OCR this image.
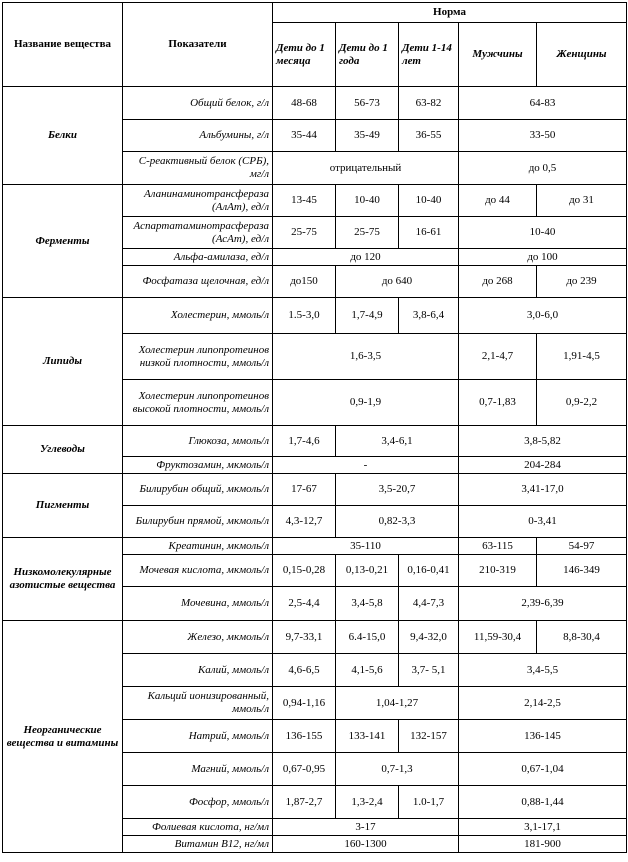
Название вещества	Показатели	Норма				
		Дети до 1 месяца	Дети до 1 года	Дети 1-14 лет	Мужчины	Женщины
Белки	Общий белок, г/л	48-68	56-73	63-82	64-83	
	Альбумины, г/л	35-44	35-49	36-55	33-50	
	С-реактивный белок (СРБ), мг/л	отрицательный			до 0,5	
Ферменты	Аланинаминотрансфераза (АлАт), ед/л	13-45	10-40	10-40	до 44	до 31
	Аспартатаминотрасфераза (АсАт), ед/л	25-75	25-75	16-61	10-40	
	Альфа-амилаза, ед/л	до 120			до 100	
	Фосфатаза щелочная, ед/л	до150	до 640		до 268	до 239
Липиды	Холестерин, ммоль/л	1.5-3,0	1,7-4,9	3,8-6,4	3,0-6,0	
	Холестерин липопротеинов низкой плотности, ммоль/л	1,6-3,5			2,1-4,7	1,91-4,5
	Холестерин липопротеинов высокой плотности, ммоль/л	0,9-1,9			0,7-1,83	0,9-2,2
Углеводы	Глюкоза, ммоль/л	1,7-4,6	3,4-6,1		3,8-5,82	
	Фруктозамин, мкмоль/л	-			204-284	
Пигменты	Билирубин общий, мкмоль/л	17-67	3,5-20,7		3,41-17,0	
	Билирубин прямой, мкмоль/л	4,3-12,7	0,82-3,3		0-3,41	
Низкомолекулярные азотистые вещества	Креатинин, мкмоль/л	35-110			63-115	54-97
	Мочевая кислота, мкмоль/л	0,15-0,28	0,13-0,21	0,16-0,41	210-319	146-349
	Мочевина, ммоль/л	2,5-4,4	3,4-5,8	4,4-7,3	2,39-6,39	
Неорганические вещества и витамины	Железо, мкмоль/л	9,7-33,1	6.4-15,0	9,4-32,0	11,59-30,4	8,8-30,4
	Калий, ммоль/л	4,6-6,5	4,1-5,6	3,7- 5,1	3,4-5,5	
	Кальций ионизированный, ммоль/л	0,94-1,16	1,04-1,27		2,14-2,5	
	Натрий, ммоль/л	136-155	133-141	132-157	136-145	
	Магний, ммоль/л	0,67-0,95	0,7-1,3		0,67-1,04	
	Фосфор, ммоль/л	1,87-2,7	1,3-2,4	1.0-1,7	0,88-1,44	
	Фолиевая кислота, нг/мл	3-17			3,1-17,1	
	Витамин В12, нг/мл	160-1300			181-900	
